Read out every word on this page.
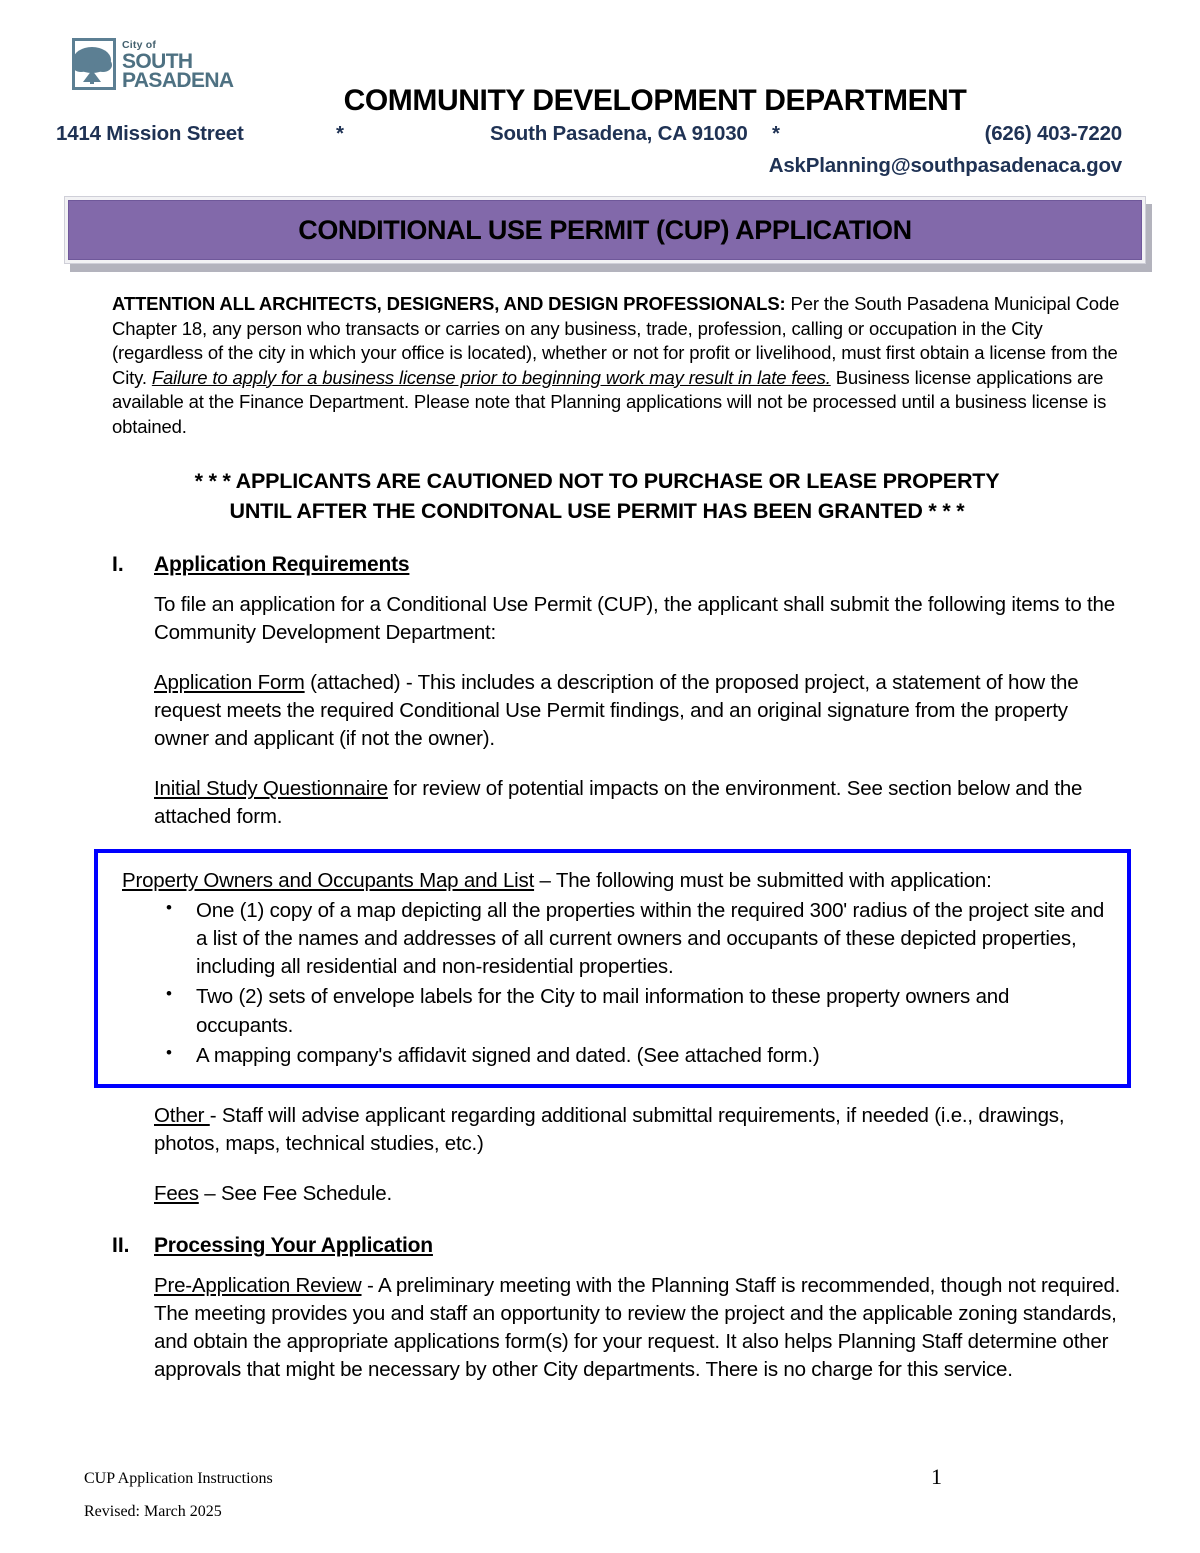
City of
SOUTH
PASADENA
COMMUNITY DEVELOPMENT DEPARTMENT
1414 Mission Street	*	South Pasadena, CA 91030	*	(626) 403-7220
AskPlanning@southpasadenaca.gov
CONDITIONAL USE PERMIT (CUP) APPLICATION

ATTENTION ALL ARCHITECTS, DESIGNERS, AND DESIGN PROFESSIONALS: Per the South Pasadena Municipal Code Chapter 18, any person who transacts or carries on any business, trade, profession, calling or occupation in the City (regardless of the city in which your office is located), whether or not for profit or livelihood, must first obtain a license from the City. Failure to apply for a business license prior to beginning work may result in late fees. Business license applications are available at the Finance Department. Please note that Planning applications will not be processed until a business license is obtained.

* * * APPLICANTS ARE CAUTIONED NOT TO PURCHASE OR LEASE PROPERTY
UNTIL AFTER THE CONDITONAL USE PERMIT HAS BEEN GRANTED * * *
I.	Application Requirements

To file an application for a Conditional Use Permit (CUP), the applicant shall submit the following items to the Community Development Department:

Application Form (attached) - This includes a description of the proposed project, a statement of how the request meets the required Conditional Use Permit findings, and an original signature from the property owner and applicant (if not the owner).

Initial Study Questionnaire for review of potential impacts on the environment. See section below and the attached form.

Property Owners and Occupants Map and List – The following must be submitted with application:

• One (1) copy of a map depicting all the properties within the required 300' radius of the project site and a list of the names and addresses of all current owners and occupants of these depicted properties, including all residential and non-residential properties.
• Two (2) sets of envelope labels for the City to mail information to these property owners and occupants.
• A mapping company's affidavit signed and dated. (See attached form.)

Other - Staff will advise applicant regarding additional submittal requirements, if needed (i.e., drawings, photos, maps, technical studies, etc.)

Fees – See Fee Schedule.

II.	Processing Your Application

Pre-Application Review - A preliminary meeting with the Planning Staff is recommended, though not required. The meeting provides you and staff an opportunity to review the project and the applicable zoning standards, and obtain the appropriate applications form(s) for your request. It also helps Planning Staff determine other approvals that might be necessary by other City departments. There is no charge for this service.

CUP Application Instructions
Revised: March 2025
1
